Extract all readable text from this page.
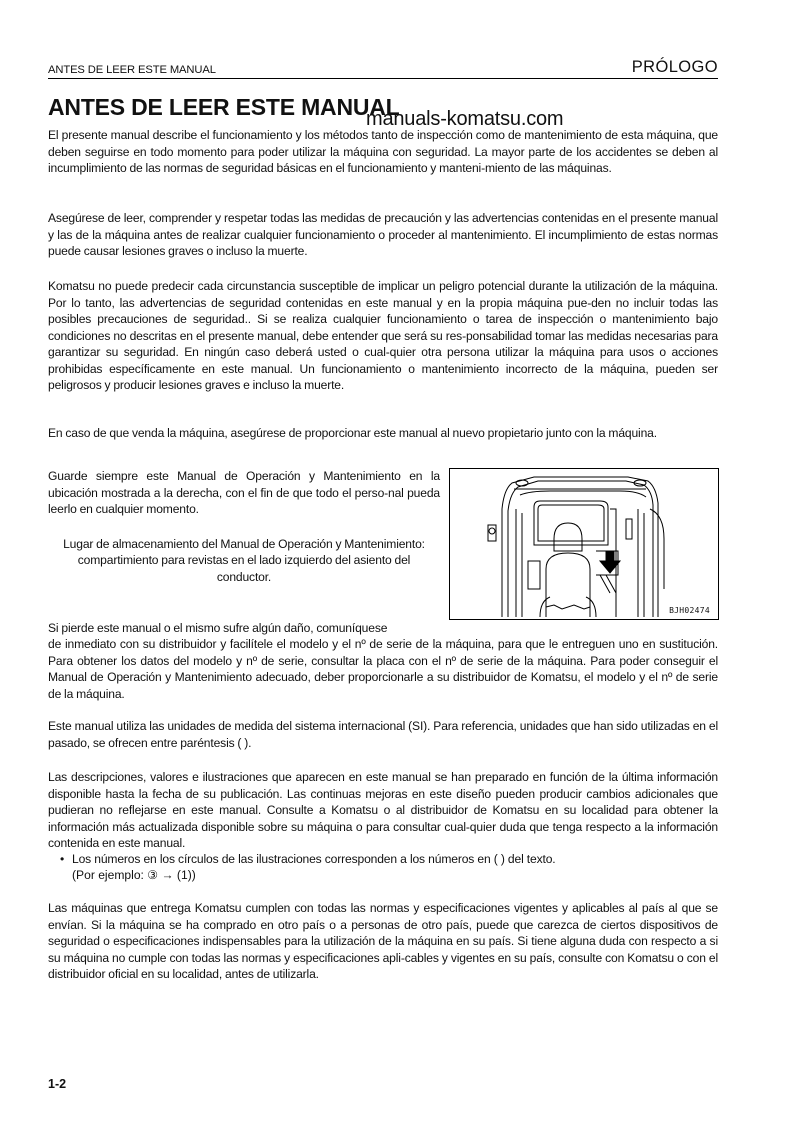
ANTES DE LEER ESTE MANUAL	PRÓLOGO
ANTES DE LEER ESTE MANUAL
manuals-komatsu.com

El presente manual describe el funcionamiento y los métodos tanto de inspección como de mantenimiento de esta máquina, que deben seguirse en todo momento para poder utilizar la máquina con seguridad. La mayor parte de los accidentes se deben al incumplimiento de las normas de seguridad básicas en el funcionamiento y manteni-miento de las máquinas.

Asegúrese de leer, comprender y respetar todas las medidas de precaución y las advertencias contenidas en el presente manual y las de la máquina antes de realizar cualquier funcionamiento o proceder al mantenimiento. El incumplimiento de estas normas puede causar lesiones graves o incluso la muerte.

Komatsu no puede predecir cada circunstancia susceptible de implicar un peligro potencial durante la utilización de la máquina. Por lo tanto, las advertencias de seguridad contenidas en este manual y en la propia máquina pue-den no incluir todas las posibles precauciones de seguridad.. Si se realiza cualquier funcionamiento o tarea de inspección o mantenimiento bajo condiciones no descritas en el presente manual, debe entender que será su res-ponsabilidad tomar las medidas necesarias para garantizar su seguridad. En ningún caso deberá usted o cual-quier otra persona utilizar la máquina para usos o acciones prohibidas específicamente en este manual. Un funcionamiento o mantenimiento incorrecto de la máquina, pueden ser peligrosos y producir lesiones graves e incluso la muerte.

En caso de que venda la máquina, asegúrese de proporcionar este manual al nuevo propietario junto con la máquina.

Guarde siempre este Manual de Operación y Mantenimiento en la ubicación mostrada a la derecha, con el fin de que todo el perso-nal pueda leerlo en cualquier momento.

Lugar de almacenamiento del Manual de Operación y Mantenimiento:

compartimiento para revistas en el lado izquierdo del asiento del conductor.

BJH02474

Si pierde este manual o el mismo sufre algún daño, comuníquese

de inmediato con su distribuidor y facilítele el modelo y el nº de serie de la máquina, para que le entreguen uno en sustitución. Para obtener los datos del modelo y nº de serie, consultar la placa con el nº de serie de la máquina. Para poder conseguir el Manual de Operación y Mantenimiento adecuado, deber proporcionarle a su distribuidor de Komatsu, el modelo y el nº de serie de la máquina.

Este manual utiliza las unidades de medida del sistema internacional (SI). Para referencia, unidades que han sido utilizadas en el pasado, se ofrecen entre paréntesis ( ).

Las descripciones, valores e ilustraciones que aparecen en este manual se han preparado en función de la última información disponible hasta la fecha de su publicación. Las continuas mejoras en este diseño pueden producir cambios adicionales que pudieran no reflejarse en este manual. Consulte a Komatsu o al distribuidor de Komatsu en su localidad para obtener la información más actualizada disponible sobre su máquina o para consultar cual-quier duda que tenga respecto a la información contenida en este manual.

• Los números en los círculos de las ilustraciones corresponden a los números en ( ) del texto.
(Por ejemplo: ③ → (1))

Las máquinas que entrega Komatsu cumplen con todas las normas y especificaciones vigentes y aplicables al país al que se envían. Si la máquina se ha comprado en otro país o a personas de otro país, puede que carezca de ciertos dispositivos de seguridad o especificaciones indispensables para la utilización de la máquina en su país. Si tiene alguna duda con respecto a si su máquina no cumple con todas las normas y especificaciones apli-cables y vigentes en su país, consulte con Komatsu o con el distribuidor oficial en su localidad, antes de utilizarla.

1-2
